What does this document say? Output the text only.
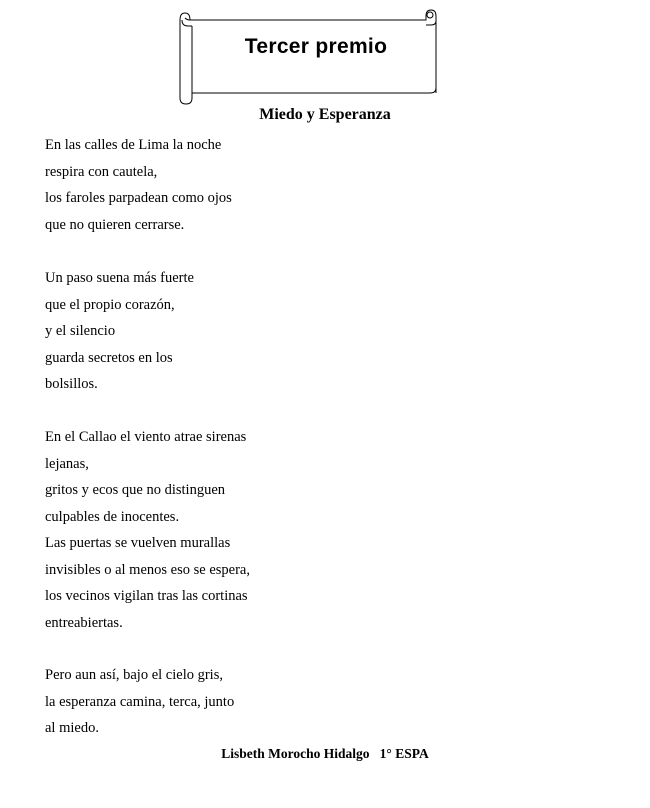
Tercer premio
Miedo y Esperanza
En las calles de Lima la noche
respira con cautela,
los faroles parpadean como ojos
que no quieren cerrarse.
Un paso suena más fuerte
que el propio corazón,
y el silencio
guarda secretos en los
bolsillos.
En el Callao el viento atrae sirenas
lejanas,
gritos y ecos que no distinguen
culpables de inocentes.
Las puertas se vuelven murallas
invisibles o al menos eso se espera,
los vecinos vigilan tras las cortinas
entreabiertas.
Pero aun así, bajo el cielo gris,
la esperanza camina, terca, junto
al miedo.
Lisbeth Morocho Hidalgo 1° ESPA
